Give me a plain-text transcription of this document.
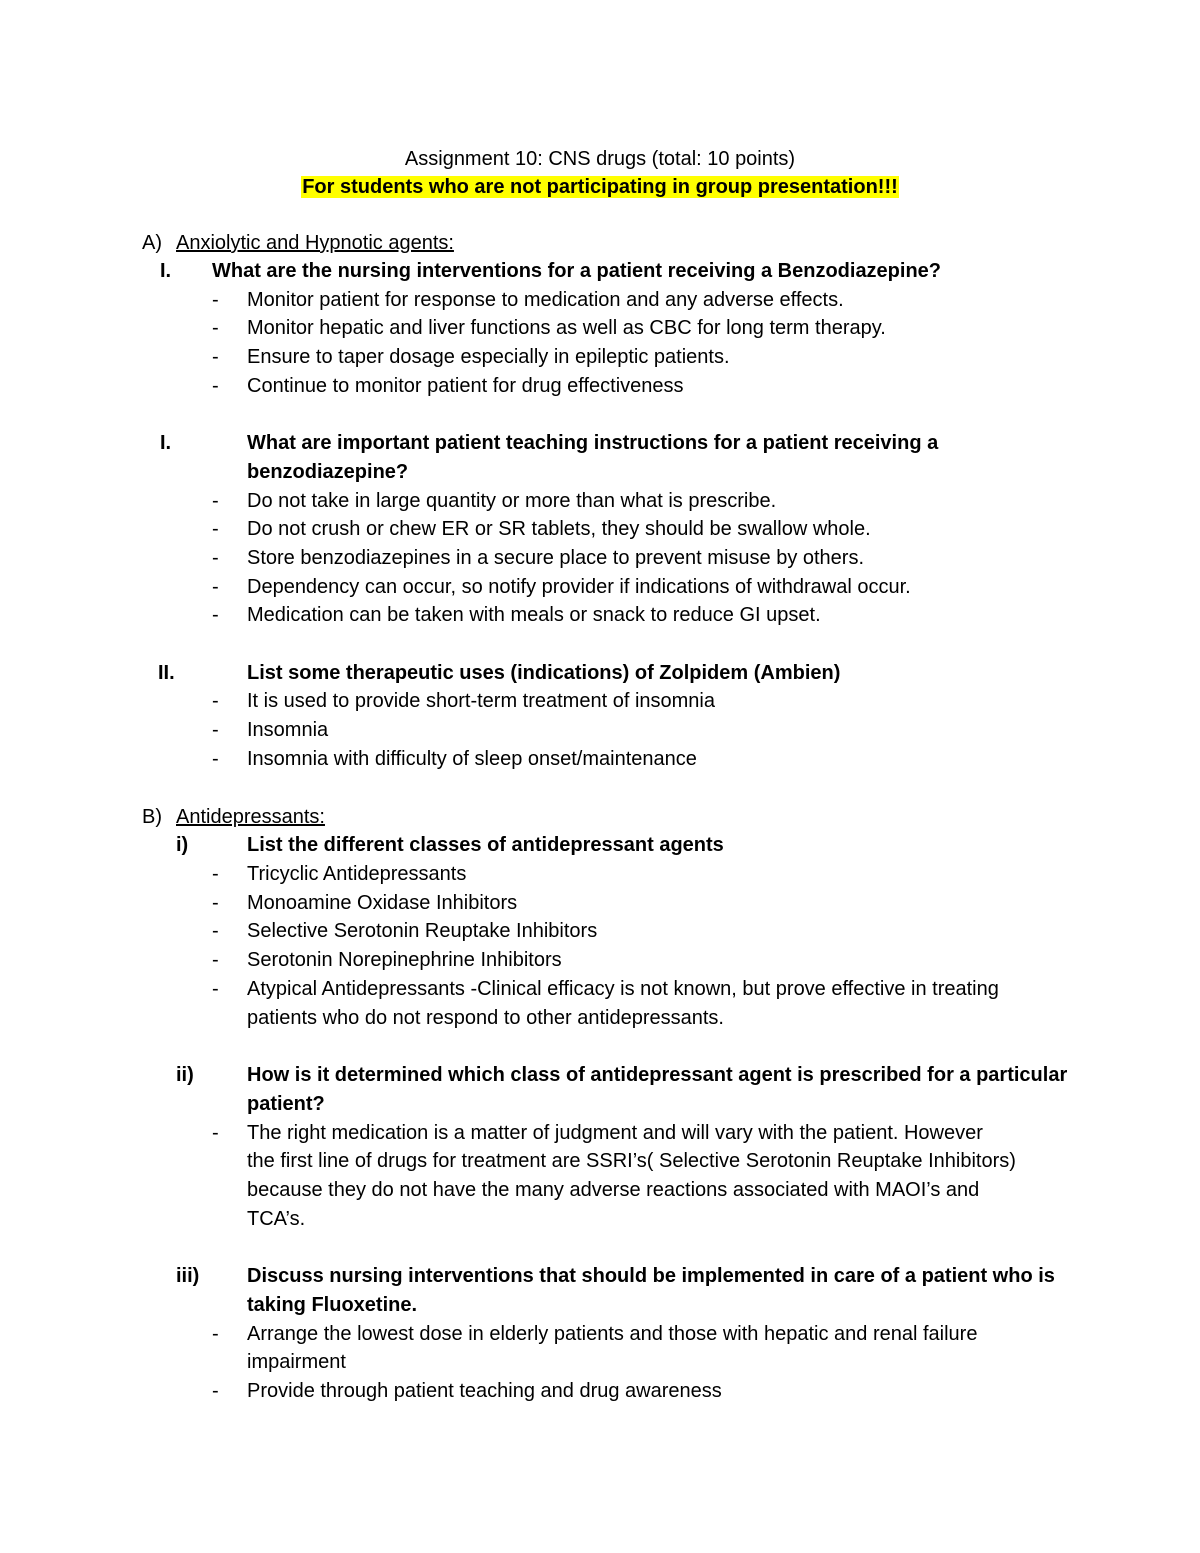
Assignment 10: CNS drugs (total: 10 points)
For students who are not participating in group presentation!!!
A) Anxiolytic and Hypnotic agents:
I. What are the nursing interventions for a patient receiving a Benzodiazepine?
- Monitor patient for response to medication and any adverse effects.
- Monitor hepatic and liver functions as well as CBC for long term therapy.
- Ensure to taper dosage especially in epileptic patients.
- Continue to monitor patient for drug effectiveness
I.	What are important patient teaching instructions for a patient receiving a
benzodiazepine?
- Do not take in large quantity or more than what is prescribe.
- Do not crush or chew ER or SR tablets, they should be swallow whole.
- Store benzodiazepines in a secure place to prevent misuse by others.
- Dependency can occur, so notify provider if indications of withdrawal occur.
- Medication can be taken with meals or snack to reduce GI upset.
II.	List some therapeutic uses (indications) of Zolpidem (Ambien)
- It is used to provide short-term treatment of insomnia
- Insomnia
- Insomnia with difficulty of sleep onset/maintenance
B) Antidepressants:
i)	List the different classes of antidepressant agents
- Tricyclic Antidepressants
- Monoamine Oxidase Inhibitors
- Selective Serotonin Reuptake Inhibitors
- Serotonin Norepinephrine Inhibitors
- Atypical Antidepressants -Clinical efficacy is not known, but prove effective in treating
patients who do not respond to other antidepressants.
ii)	How is it determined which class of antidepressant agent is prescribed for a particular
patient?
- The right medication is a matter of judgment and will vary with the patient. However
the first line of drugs for treatment are SSRI’s( Selective Serotonin Reuptake Inhibitors)
because they do not have the many adverse reactions associated with MAOI’s and
TCA’s.
iii) Discuss nursing interventions that should be implemented in care of a patient who is
taking Fluoxetine.
- Arrange the lowest dose in elderly patients and those with hepatic and renal failure
impairment
- Provide through patient teaching and drug awareness
